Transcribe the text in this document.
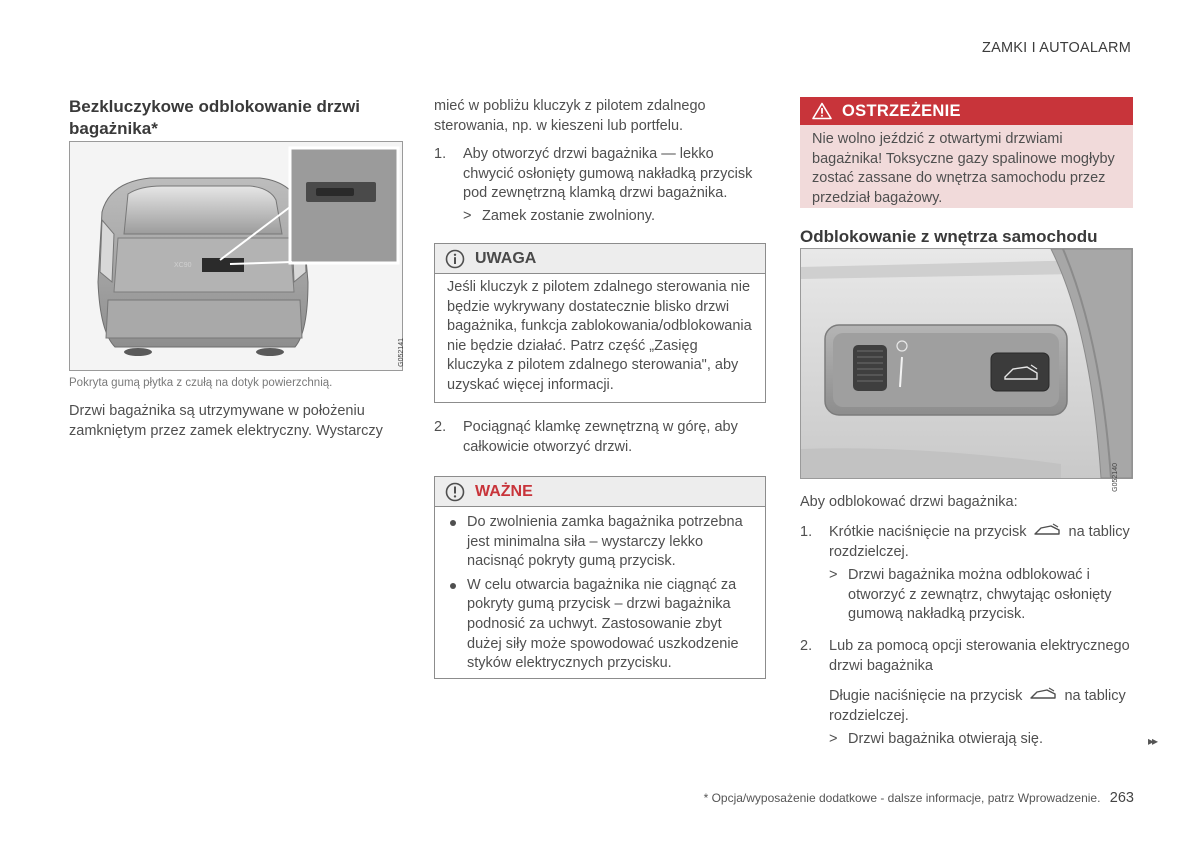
ZAMKI I AUTOALARM
Bezkluczykowe odblokowanie drzwi bagażnika*
XC90
G052141
Pokryta gumą płytka z czułą na dotyk powierzchnią.

Drzwi bagażnika są utrzymywane w położeniu zamkniętym przez zamek elektryczny. Wystarczy

mieć w pobliżu kluczyk z pilotem zdalnego sterowania, np. w kieszeni lub portfelu.

1. Aby otworzyć drzwi bagażnika — lekko chwycić osłonięty gumową nakładką przycisk pod zewnętrzną klamką drzwi bagażnika.
> Zamek zostanie zwolniony.
UWAGA
Jeśli kluczyk z pilotem zdalnego sterowania nie będzie wykrywany dostatecznie blisko drzwi bagażnika, funkcja zablokowania/odblokowania nie będzie działać. Patrz część „Zasięg kluczyka z pilotem zdalnego sterowania", aby uzyskać więcej informacji.
2. Pociągnąć klamkę zewnętrzną w górę, aby całkowicie otworzyć drzwi.
WAŻNE
Do zwolnienia zamka bagażnika potrzebna jest minimalna siła – wystarczy lekko nacisnąć pokryty gumą przycisk.
W celu otwarcia bagażnika nie ciągnąć za pokryty gumą przycisk – drzwi bagażnika podnosić za uchwyt. Zastosowanie zbyt dużej siły może spowodować uszkodzenie styków elektrycznych przycisku.
OSTRZEŻENIE
Nie wolno jeździć z otwartymi drzwiami bagażnika! Toksyczne gazy spalinowe mogłyby zostać zassane do wnętrza samochodu przez przedział bagażowy.
Odblokowanie z wnętrza samochodu
G052140

Aby odblokować drzwi bagażnika:

1. Krótkie naciśnięcie na przycisk	na tablicy rozdzielczej.
> Drzwi bagażnika można odblokować i otworzyć z zewnątrz, chwytając osłonięty gumową nakładką przycisk.
2. Lub za pomocą opcji sterowania elektrycznego drzwi bagażnika
Długie naciśnięcie na przycisk	na tablicy rozdzielczej.
> Drzwi bagażnika otwierają się.	▸▸
* Opcja/wyposażenie dodatkowe - dalsze informacje, patrz Wprowadzenie. 263
